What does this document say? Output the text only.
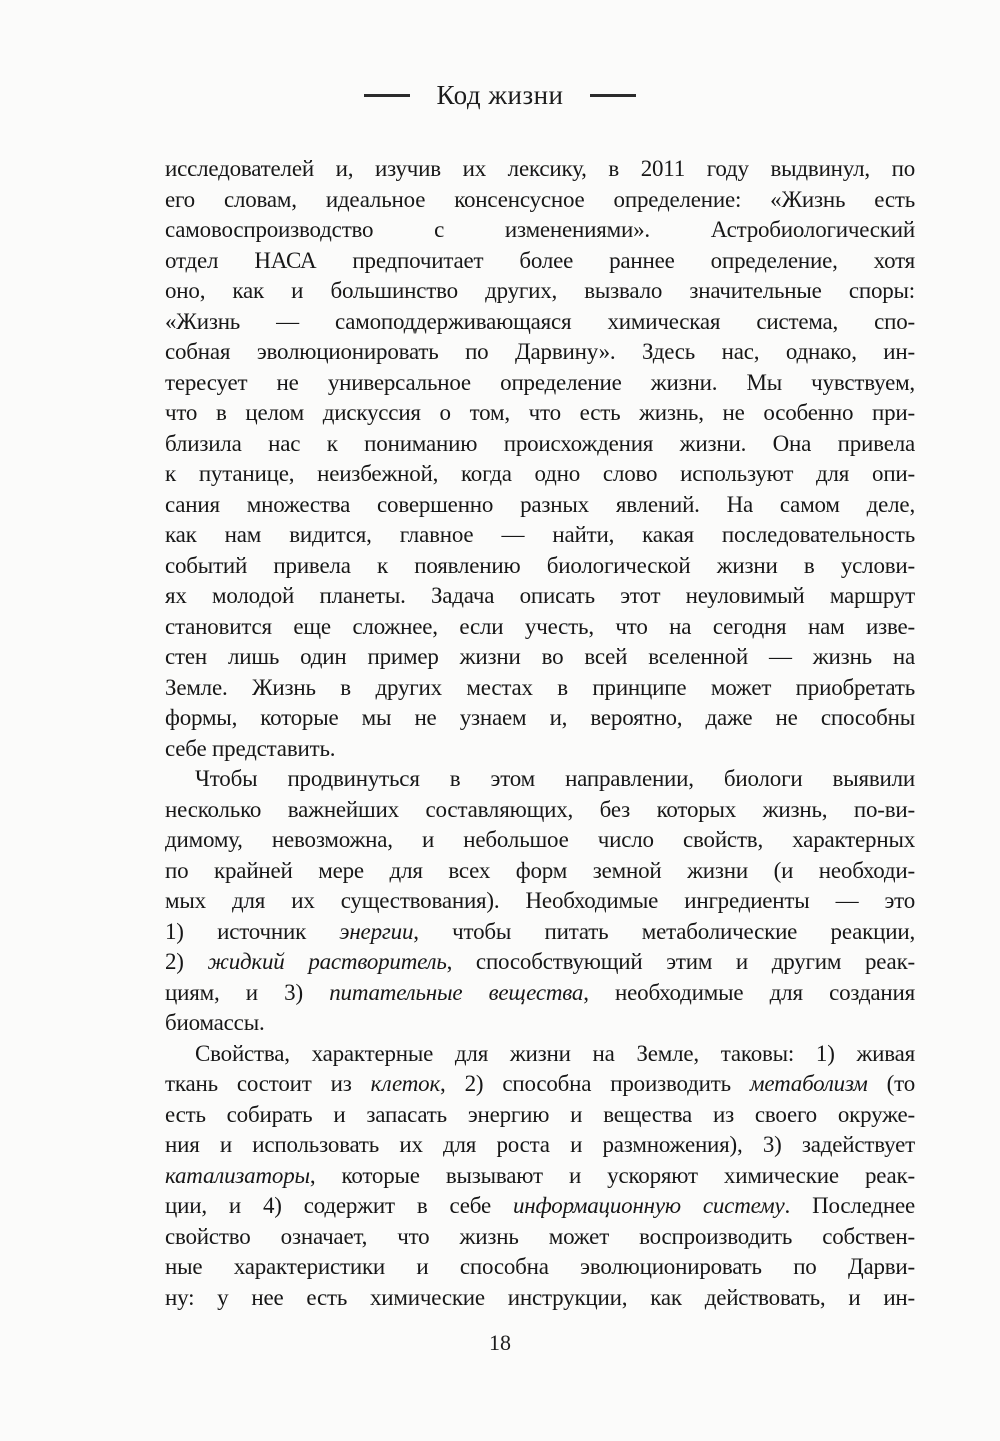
Код жизни
исследователей и, изучив их лексику, в 2011 году выдвинул, по
его словам, идеальное консенсусное определение: «Жизнь есть
самовоспроизводство с изменениями». Астробиологический
отдел НАСА предпочитает более раннее определение, хотя
оно, как и большинство других, вызвало значительные споры:
«Жизнь — самоподдерживающаяся химическая система, спо-
собная эволюционировать по Дарвину». Здесь нас, однако, ин-
тересует не универсальное определение жизни. Мы чувствуем,
что в целом дискуссия о том, что есть жизнь, не особенно при-
близила нас к пониманию происхождения жизни. Она привела
к путанице, неизбежной, когда одно слово используют для опи-
сания множества совершенно разных явлений. На самом деле,
как нам видится, главное — найти, какая последовательность
событий привела к появлению биологической жизни в услови-
ях молодой планеты. Задача описать этот неуловимый маршрут
становится еще сложнее, если учесть, что на сегодня нам изве-
стен лишь один пример жизни во всей вселенной — жизнь на
Земле. Жизнь в других местах в принципе может приобретать
формы, которые мы не узнаем и, вероятно, даже не способны
себе представить.
Чтобы продвинуться в этом направлении, биологи выявили
несколько важнейших составляющих, без которых жизнь, по-ви-
димому, невозможна, и небольшое число свойств, характерных
по крайней мере для всех форм земной жизни (и необходи-
мых для их существования). Необходимые ингредиенты — это
1) источник энергии, чтобы питать метаболические реакции,
2) жидкий растворитель, способствующий этим и другим реак-
циям, и 3) питательные вещества, необходимые для создания
биомассы.
Свойства, характерные для жизни на Земле, таковы: 1) живая
ткань состоит из клеток, 2) способна производить метаболизм (то
есть собирать и запасать энергию и вещества из своего окруже-
ния и использовать их для роста и размножения), 3) задействует
катализаторы, которые вызывают и ускоряют химические реак-
ции, и 4) содержит в себе информационную систему. Последнее
свойство означает, что жизнь может воспроизводить собствен-
ные характеристики и способна эволюционировать по Дарви-
ну: у нее есть химические инструкции, как действовать, и ин-
18
